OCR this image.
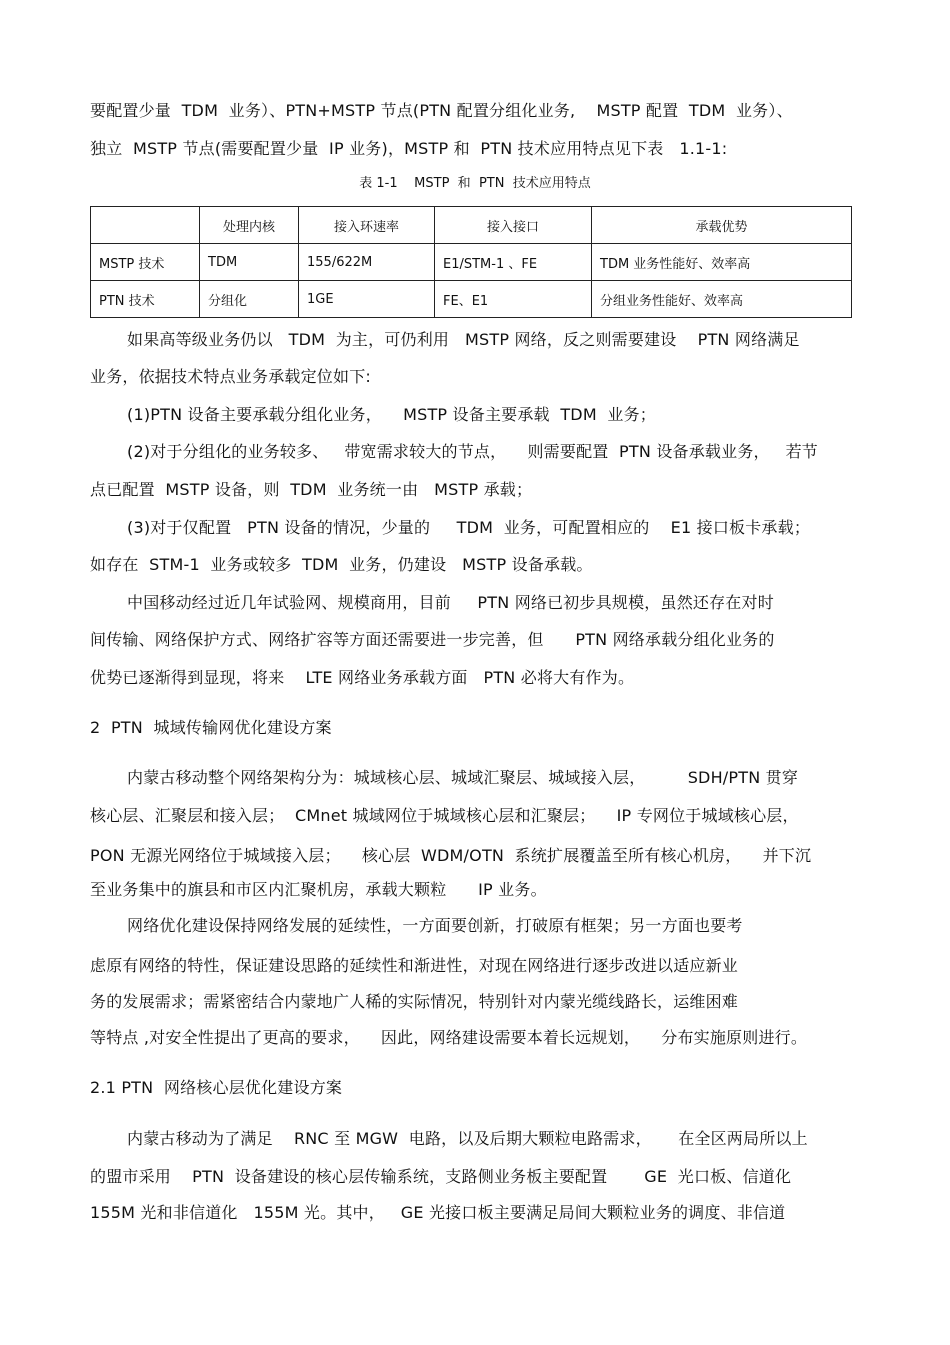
要配置少量  TDM  业务）、PTN+MSTP 节点(PTN 配置分组化业务,    MSTP 配置  TDM  业务）、
独立  MSTP 节点(需要配置少量  IP 业务)，MSTP 和  PTN 技术应用特点见下表   1.1-1:
表 1-1    MSTP  和  PTN  技术应用特点
	处理内核	接入环速率	接入接口	承载优势
MSTP 技术	TDM	155/622M	E1/STM-1 、FE	TDM 业务性能好、效率高
PTN 技术	分组化	1GE	FE、E1	分组业务性能好、效率高
如果高等级业务仍以   TDM  为主，可仍利用   MSTP 网络，反之则需要建设    PTN 网络满足
业务，依据技术特点业务承载定位如下:
(1)PTN 设备主要承载分组化业务，    MSTP 设备主要承载  TDM  业务；
(2)对于分组化的业务较多、   带宽需求较大的节点，    则需要配置  PTN 设备承载业务，   若节
点已配置  MSTP 设备，则  TDM  业务统一由   MSTP 承载；
(3)对于仅配置   PTN 设备的情况，少量的     TDM  业务，可配置相应的    E1 接口板卡承载；
如存在  STM-1  业务或较多  TDM  业务，仍建设   MSTP 设备承载。
中国移动经过近几年试验网、规模商用，目前     PTN 网络已初步具规模，虽然还存在对时
间传输、网络保护方式、网络扩容等方面还需要进一步完善，但      PTN 网络承载分组化业务的
优势已逐渐得到显现，将来    LTE 网络业务承载方面   PTN 必将大有作为。
2  PTN  城域传输网优化建设方案
内蒙古移动整个网络架构分为：城域核心层、城域汇聚层、城域接入层，        SDH/PTN 贯穿
核心层、汇聚层和接入层；  CMnet 城域网位于城域核心层和汇聚层；    IP 专网位于城域核心层，
PON 无源光网络位于城域接入层；    核心层  WDM/OTN  系统扩展覆盖至所有核心机房，    并下沉
至业务集中的旗县和市区内汇聚机房，承载大颗粒      IP 业务。
网络优化建设保持网络发展的延续性，一方面要创新，打破原有框架；另一方面也要考
虑原有网络的特性，保证建设思路的延续性和渐进性，对现在网络进行逐步改进以适应新业
务的发展需求；需紧密结合内蒙地广人稀的实际情况，特别针对内蒙光缆线路长，运维困难
等特点 ,对安全性提出了更高的要求，    因此，网络建设需要本着长远规划，    分布实施原则进行。
2.1 PTN  网络核心层优化建设方案
内蒙古移动为了满足    RNC 至 MGW  电路，以及后期大颗粒电路需求，     在全区两局所以上
的盟市采用    PTN  设备建设的核心层传输系统，支路侧业务板主要配置       GE  光口板、信道化
155M 光和非信道化   155M 光。其中，   GE 光接口板主要满足局间大颗粒业务的调度、非信道
